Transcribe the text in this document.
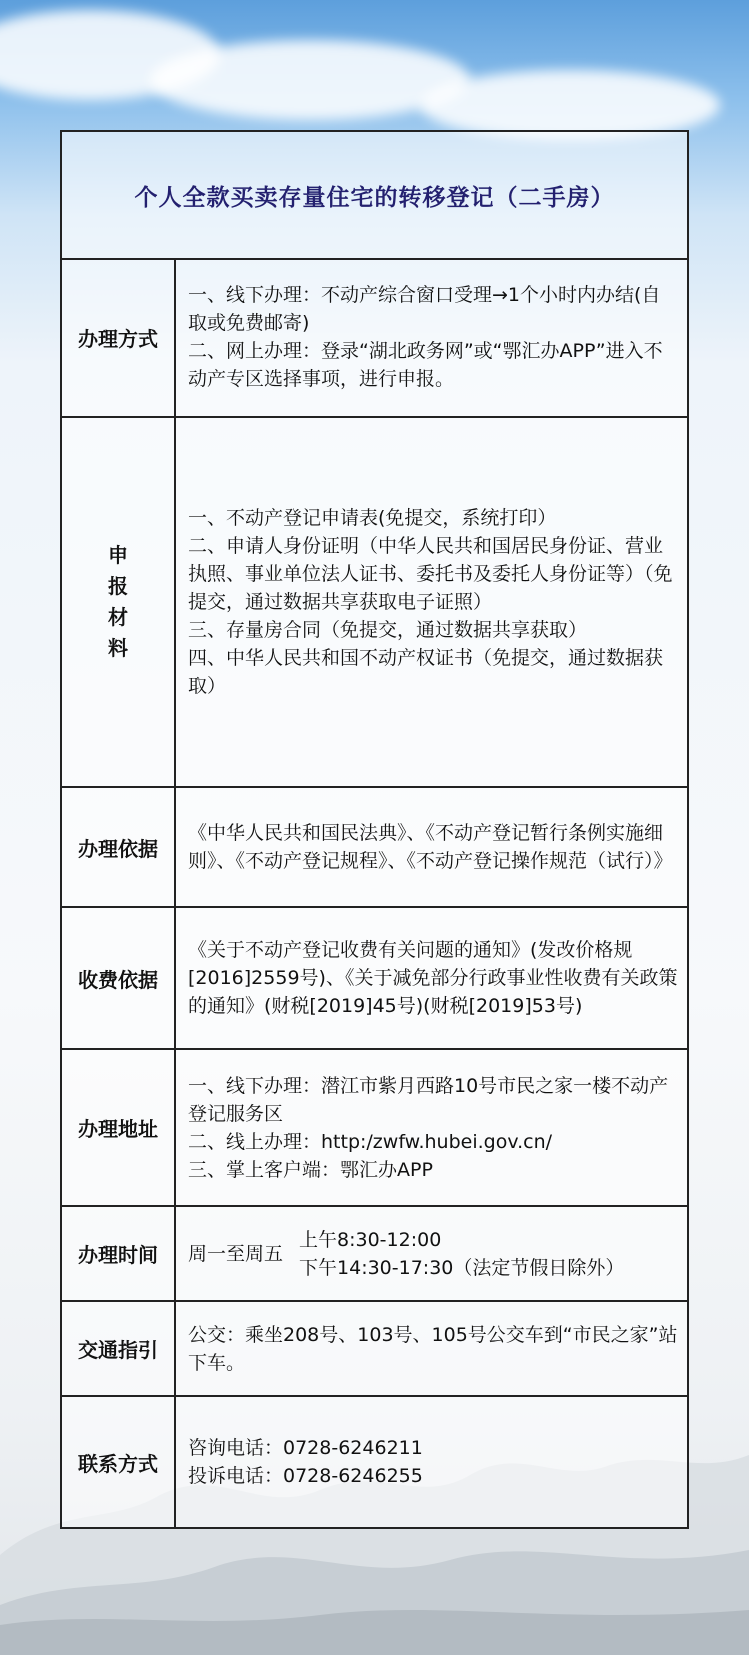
个人全款买卖存量住宅的转移登记（二手房）
办理方式

一、线下办理：不动产综合窗口受理→1个小时内办结(自取或免费邮寄)

二、网上办理：登录“湖北政务网”或“鄂汇办APP”进入不动产专区选择事项，进行申报。

申
报
材
料

一、不动产登记申请表(免提交，系统打印）

二、申请人身份证明（中华人民共和国居民身份证、营业执照、事业单位法人证书、委托书及委托人身份证等）（免提交，通过数据共享获取电子证照）

三、存量房合同（免提交，通过数据共享获取）

四、中华人民共和国不动产权证书（免提交，通过数据获取）

办理依据

《中华人民共和国民法典》、《不动产登记暂行条例实施细则》、《不动产登记规程》、《不动产登记操作规范（试行）》

收费依据

《关于不动产登记收费有关问题的通知》(发改价格规[2016]2559号)、《关于减免部分行政事业性收费有关政策的通知》(财税[2019]45号)(财税[2019]53号)

办理地址

一、线下办理：潜江市紫月西路10号市民之家一楼不动产登记服务区

二、线上办理：http:/zwfw.hubei.gov.cn/

三、掌上客户端：鄂汇办APP

办理时间	周一至周五

上午8:30-12:00

下午14:30-17:30（法定节假日除外）

交通指引

公交：乘坐208号、103号、105号公交车到“市民之家”站下车。

联系方式

咨询电话：0728-6246211

投诉电话：0728-6246255
